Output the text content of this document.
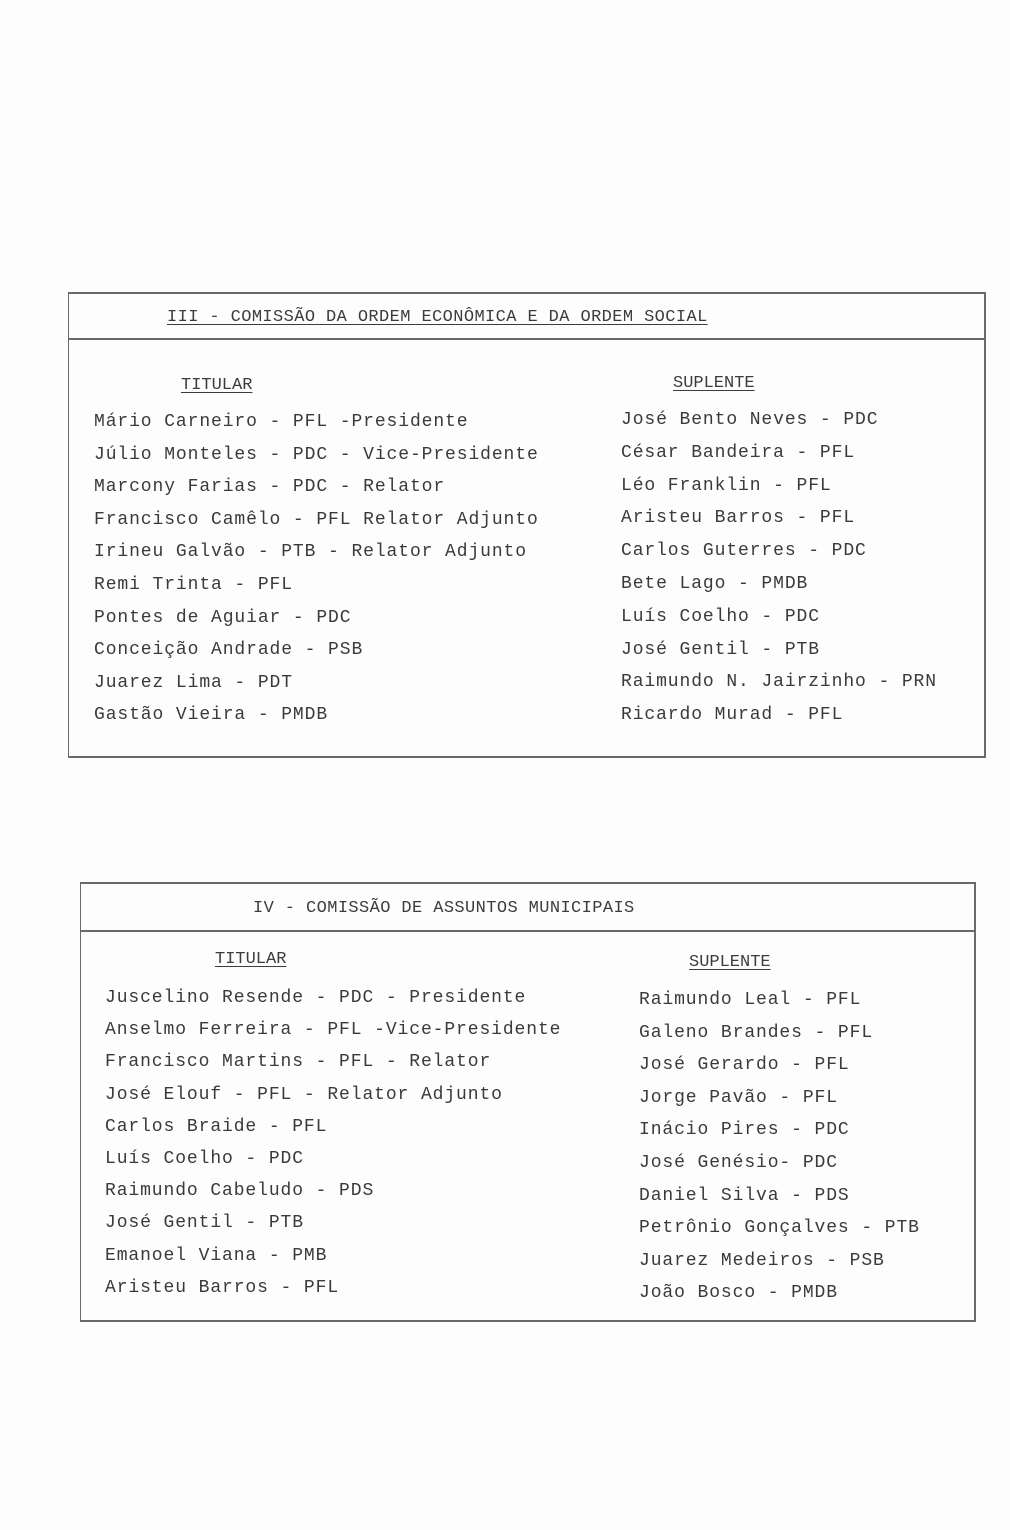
III - COMISSÃO DA ORDEM ECONÔMICA E DA ORDEM SOCIAL
TITULAR	SUPLENTE
Mário Carneiro - PFL -Presidente
Júlio Monteles - PDC - Vice-Presidente
Marcony Farias - PDC - Relator
Francisco Camêlo - PFL Relator Adjunto
Irineu Galvão - PTB - Relator Adjunto
Remi Trinta - PFL
Pontes de Aguiar - PDC
Conceição Andrade - PSB
Juarez Lima - PDT
Gastão Vieira - PMDB
José Bento Neves - PDC
César Bandeira - PFL
Léo Franklin - PFL
Aristeu Barros - PFL
Carlos Guterres - PDC
Bete Lago - PMDB
Luís Coelho - PDC
José Gentil - PTB
Raimundo N. Jairzinho - PRN
Ricardo Murad - PFL
IV - COMISSÃO DE ASSUNTOS MUNICIPAIS
TITULAR	SUPLENTE
Juscelino Resende - PDC - Presidente
Anselmo Ferreira - PFL -Vice-Presidente
Francisco Martins - PFL - Relator
José Elouf - PFL - Relator Adjunto
Carlos Braide - PFL
Luís Coelho - PDC
Raimundo Cabeludo - PDS
José Gentil - PTB
Emanoel Viana - PMB
Aristeu Barros - PFL
Raimundo Leal - PFL
Galeno Brandes - PFL
José Gerardo - PFL
Jorge Pavão - PFL
Inácio Pires - PDC
José Genésio- PDC
Daniel Silva - PDS
Petrônio Gonçalves - PTB
Juarez Medeiros - PSB
João Bosco - PMDB
